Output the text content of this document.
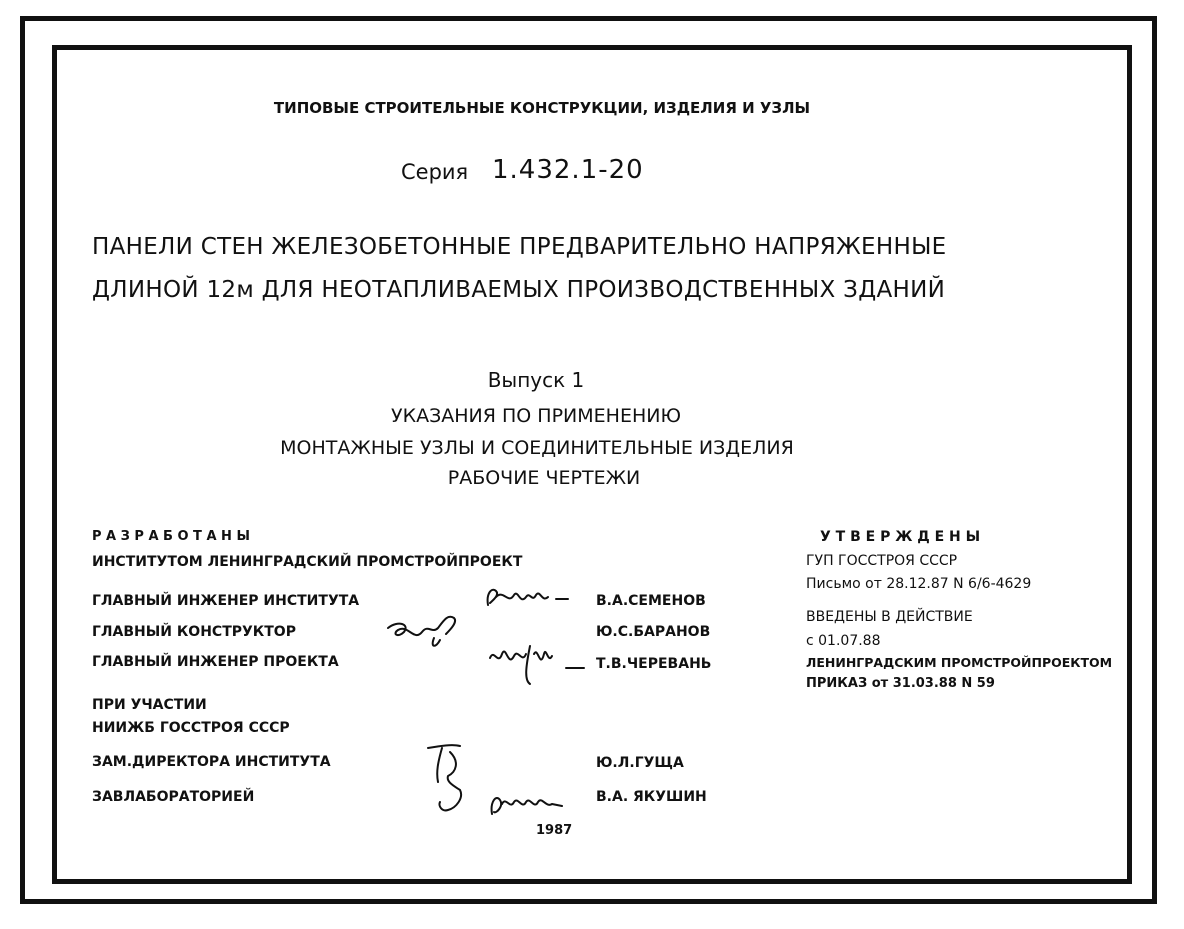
ТИПОВЫЕ СТРОИТЕЛЬНЫЕ КОНСТРУКЦИИ, ИЗДЕЛИЯ И УЗЛЫ
Серия 1.432.1-20
ПАНЕЛИ СТЕН ЖЕЛЕЗОБЕТОННЫЕ ПРЕДВАРИТЕЛЬНО НАПРЯЖЕННЫЕ
ДЛИНОЙ 12м ДЛЯ НЕОТАПЛИВАЕМЫХ ПРОИЗВОДСТВЕННЫХ ЗДАНИЙ
Выпуск 1
УКАЗАНИЯ ПО ПРИМЕНЕНИЮ
МОНТАЖНЫЕ УЗЛЫ И СОЕДИНИТЕЛЬНЫЕ ИЗДЕЛИЯ
РАБОЧИЕ ЧЕРТЕЖИ
Р А З Р А Б О Т А Н Ы
ИНСТИТУТОМ ЛЕНИНГРАДСКИЙ ПРОМСТРОЙПРОЕКТ
ГЛАВНЫЙ ИНЖЕНЕР ИНСТИТУТА	В.А.СЕМЕНОВ
ГЛАВНЫЙ КОНСТРУКТОР	Ю.С.БАРАНОВ
ГЛАВНЫЙ ИНЖЕНЕР ПРОЕКТА	Т.В.ЧЕРЕВАНЬ
ПРИ УЧАСТИИ
НИИЖБ ГОССТРОЯ СССР
ЗАМ.ДИРЕКТОРА ИНСТИТУТА	Ю.Л.ГУЩА
ЗАВЛАБОРАТОРИЕЙ	В.А. ЯКУШИН
1987
У Т В Е Р Ж Д Е Н Ы
ГУП ГОССТРОЯ СССР
Письмо от 28.12.87 N 6/6-4629
ВВЕДЕНЫ В ДЕЙСТВИЕ
с 01.07.88
ЛЕНИНГРАДСКИМ ПРОМСТРОЙПРОЕКТОМ
ПРИКАЗ от 31.03.88 N 59
